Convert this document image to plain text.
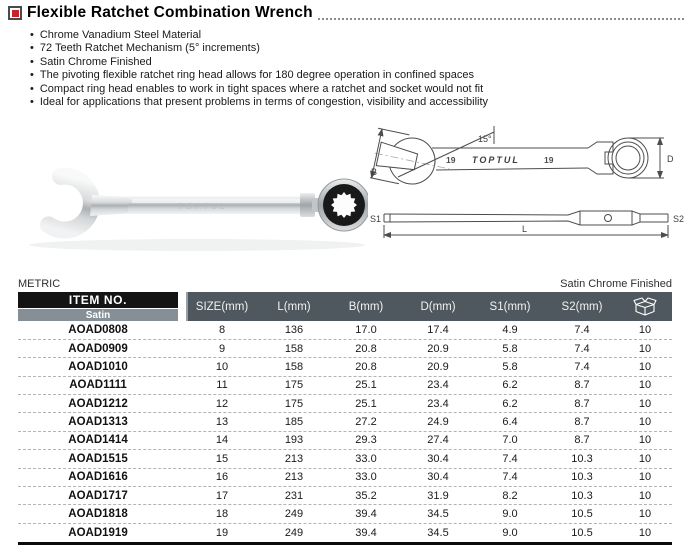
Flexible Ratchet Combination Wrench
• Chrome Vanadium Steel Material
• 72 Teeth Ratchet Mechanism (5° increments)
• Satin Chrome Finished
• The pivoting flexible ratchet ring head allows for 180 degree operation in confined spaces
• Compact ring head enables to work in tight spaces where a ratchet and socket would not fit
• Ideal for applications that present problems in terms of congestion, visibility and accessibility
TOPTUL
15°
19 TOPTUL	19
B
D
S1	S2
L
METRIC	Satin Chrome Finished
ITEM NO.
Satin
SIZE(mm)	L(mm)	B(mm)	D(mm)	S1(mm)	S2(mm)
AOAD0808	8	136	17.0	17.4	4.9	7.4	10
AOAD0909	9	158	20.8	20.9	5.8	7.4	10
AOAD1010	10	158	20.8	20.9	5.8	7.4	10
AOAD1111	11	175	25.1	23.4	6.2	8.7	10
AOAD1212	12	175	25.1	23.4	6.2	8.7	10
AOAD1313	13	185	27.2	24.9	6.4	8.7	10
AOAD1414	14	193	29.3	27.4	7.0	8.7	10
AOAD1515	15	213	33.0	30.4	7.4	10.3	10
AOAD1616	16	213	33.0	30.4	7.4	10.3	10
AOAD1717	17	231	35.2	31.9	8.2	10.3	10
AOAD1818	18	249	39.4	34.5	9.0	10.5	10
AOAD1919	19	249	39.4	34.5	9.0	10.5	10
